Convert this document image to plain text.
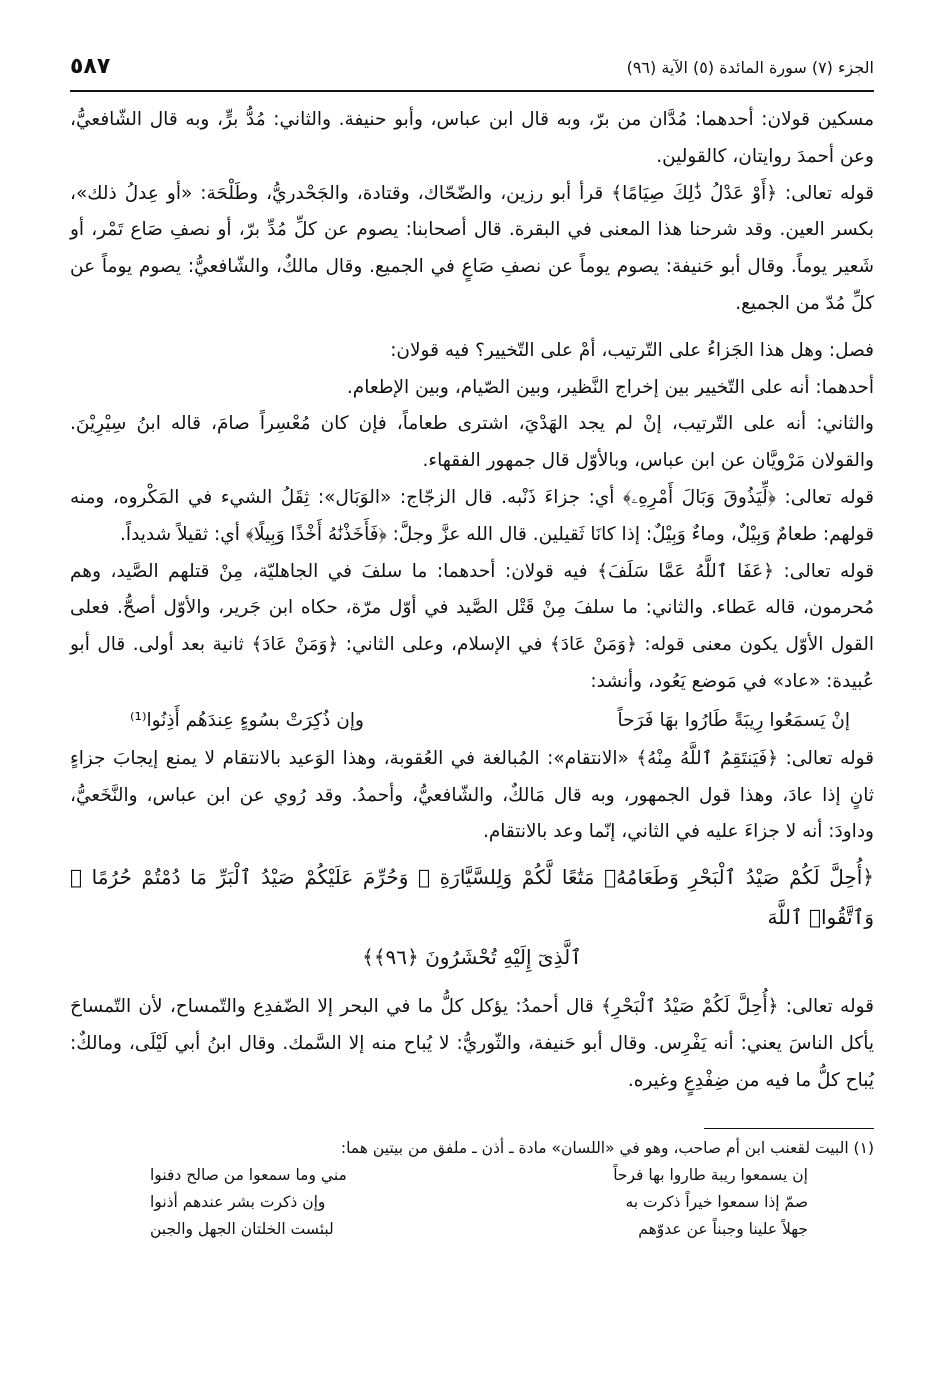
الجزء (٧) سورة المائدة (٥) الآية (٩٦)
٥٨٧

مسكين قولان: أحدهما: مُدَّان من برّ، وبه قال ابن عباس، وأبو حنيفة. والثاني: مُدُّ برٍّ، وبه قال الشّافعيُّ، وعن أحمدَ روايتان، كالقولين.

قوله تعالى: ﴿أَوْ عَدْلُ ذَٰلِكَ صِيَامًا﴾ قرأ أبو رزين، والضّحّاك، وقتادة، والجَحْدريُّ، وطَلْحَة: «أو عِدلُ ذلك»، بكسر العين. وقد شرحنا هذا المعنى في البقرة. قال أصحابنا: يصوم عن كلِّ مُدِّ برّ، أو نصفِ صَاع تَمْر، أو شَعير يوماً. وقال أبو حَنيفة: يصوم يوماً عن نصفِ صَاعٍ في الجميع. وقال مالكٌ، والشّافعيُّ: يصوم يوماً عن كلِّ مُدّ من الجميع.

فصل: وهل هذا الجَزاءُ على التّرتيب، أمْ على التّخيير؟ فيه قولان:

أحدهما: أنه على التّخيير بين إخراج النَّظير، وبين الصّيام، وبين الإطعام.

والثاني: أنه على التّرتيب، إنْ لم يجد الهَدْيَ، اشترى طعاماً، فإن كان مُعْسِراً صامَ، قاله ابنُ سِيْرِيْنَ. والقولان مَرْويَّان عن ابن عباس، وبالأوّل قال جمهور الفقهاء.

قوله تعالى: ﴿لِّيَذُوقَ وَبَالَ أَمْرِهِۦ﴾ أي: جزاءَ ذَنْبه. قال الزجّاج: «الوَبَال»: ثِقَلُ الشيء في المَكْروه، ومنه قولهم: طعامٌ وَبِيْلٌ، وماءٌ وَبِيْلٌ: إذا كانَا ثَقيلين. قال الله عزَّ وجلَّ: ﴿فَأَخَذْنَٰهُ أَخْذًا وَبِيلًا﴾ أي: ثقيلاً شديداً.

قوله تعالى: ﴿عَفَا ٱللَّهُ عَمَّا سَلَفَ﴾ فيه قولان: أحدهما: ما سلفَ في الجاهليّة، مِنْ قتلهم الصَّيد، وهم مُحرمون، قاله عَطاء. والثاني: ما سلفَ مِنْ قَتْل الصَّيد في أوّل مرّة، حكاه ابن جَرير، والأوّل أصحُّ. فعلى القول الأوّل يكون معنى قوله: ﴿وَمَنْ عَادَ﴾ في الإسلام، وعلى الثاني: ﴿وَمَنْ عَادَ﴾ ثانية بعد أولى. قال أبو عُبيدة: «عاد» في مَوضع يَعُود، وأنشد:

إنْ يَسمَعُوا رِيبَةً طَارُوا بهَا فَرَحاً
وإن ذُكِرَتْ بسُوءٍ عِندَهُم أَذِنُوا⁽¹⁾

قوله تعالى: ﴿فَيَنتَقِمُ ٱللَّهُ مِنْهُ﴾ «الانتقام»: المُبالغة في العُقوبة، وهذا الوَعيد بالانتقام لا يمنع إيجابَ جزاءٍ ثانٍ إذا عادَ، وهذا قول الجمهور، وبه قال مَالكٌ، والشّافعيُّ، وأحمدُ. وقد رُوي عن ابن عباس، والنَّخَعيُّ، وداودَ: أنه لا جزاءَ عليه في الثاني، إنّما وعد بالانتقام.

﴿أُحِلَّ لَكُمْ صَيْدُ ٱلْبَحْرِ وَطَعَامُهُۥ مَتَٰعًا لَّكُمْ وَلِلسَّيَّارَةِ ۖ وَحُرِّمَ عَلَيْكُمْ صَيْدُ ٱلْبَرِّ مَا دُمْتُمْ حُرُمًا ۗ وَٱتَّقُوا۟ ٱللَّهَ
ٱلَّذِىٓ إِلَيْهِ تُحْشَرُونَ ﴿٩٦﴾﴾

قوله تعالى: ﴿أُحِلَّ لَكُمْ صَيْدُ ٱلْبَحْرِ﴾ قال أحمدُ: يؤكل كلُّ ما في البحر إلا الضّفدِع والتّمساح، لأن التّمساحَ يأكل الناسَ يعني: أنه يَفْرِس. وقال أبو حَنيفة، والثّوريُّ: لا يُباح منه إلا السَّمك. وقال ابنُ أبي لَيْلَى، ومالكٌ: يُباح كلُّ ما فيه من ضِفْدِعٍ وغيره.

(١) البيت لقعنب ابن أم صاحب، وهو في «اللسان» مادة ـ أذن ـ ملفق من بيتين هما:
إن يسمعوا ريبة طاروا بها فرحاً
مني وما سمعوا من صالح دفنوا
صمّ إذا سمعوا خيراً ذكرت به
وإن ذكرت بشر عندهم أذنوا
جهلاً علينا وجبناً عن عدوّهم
لبئست الخلتان الجهل والجبن
